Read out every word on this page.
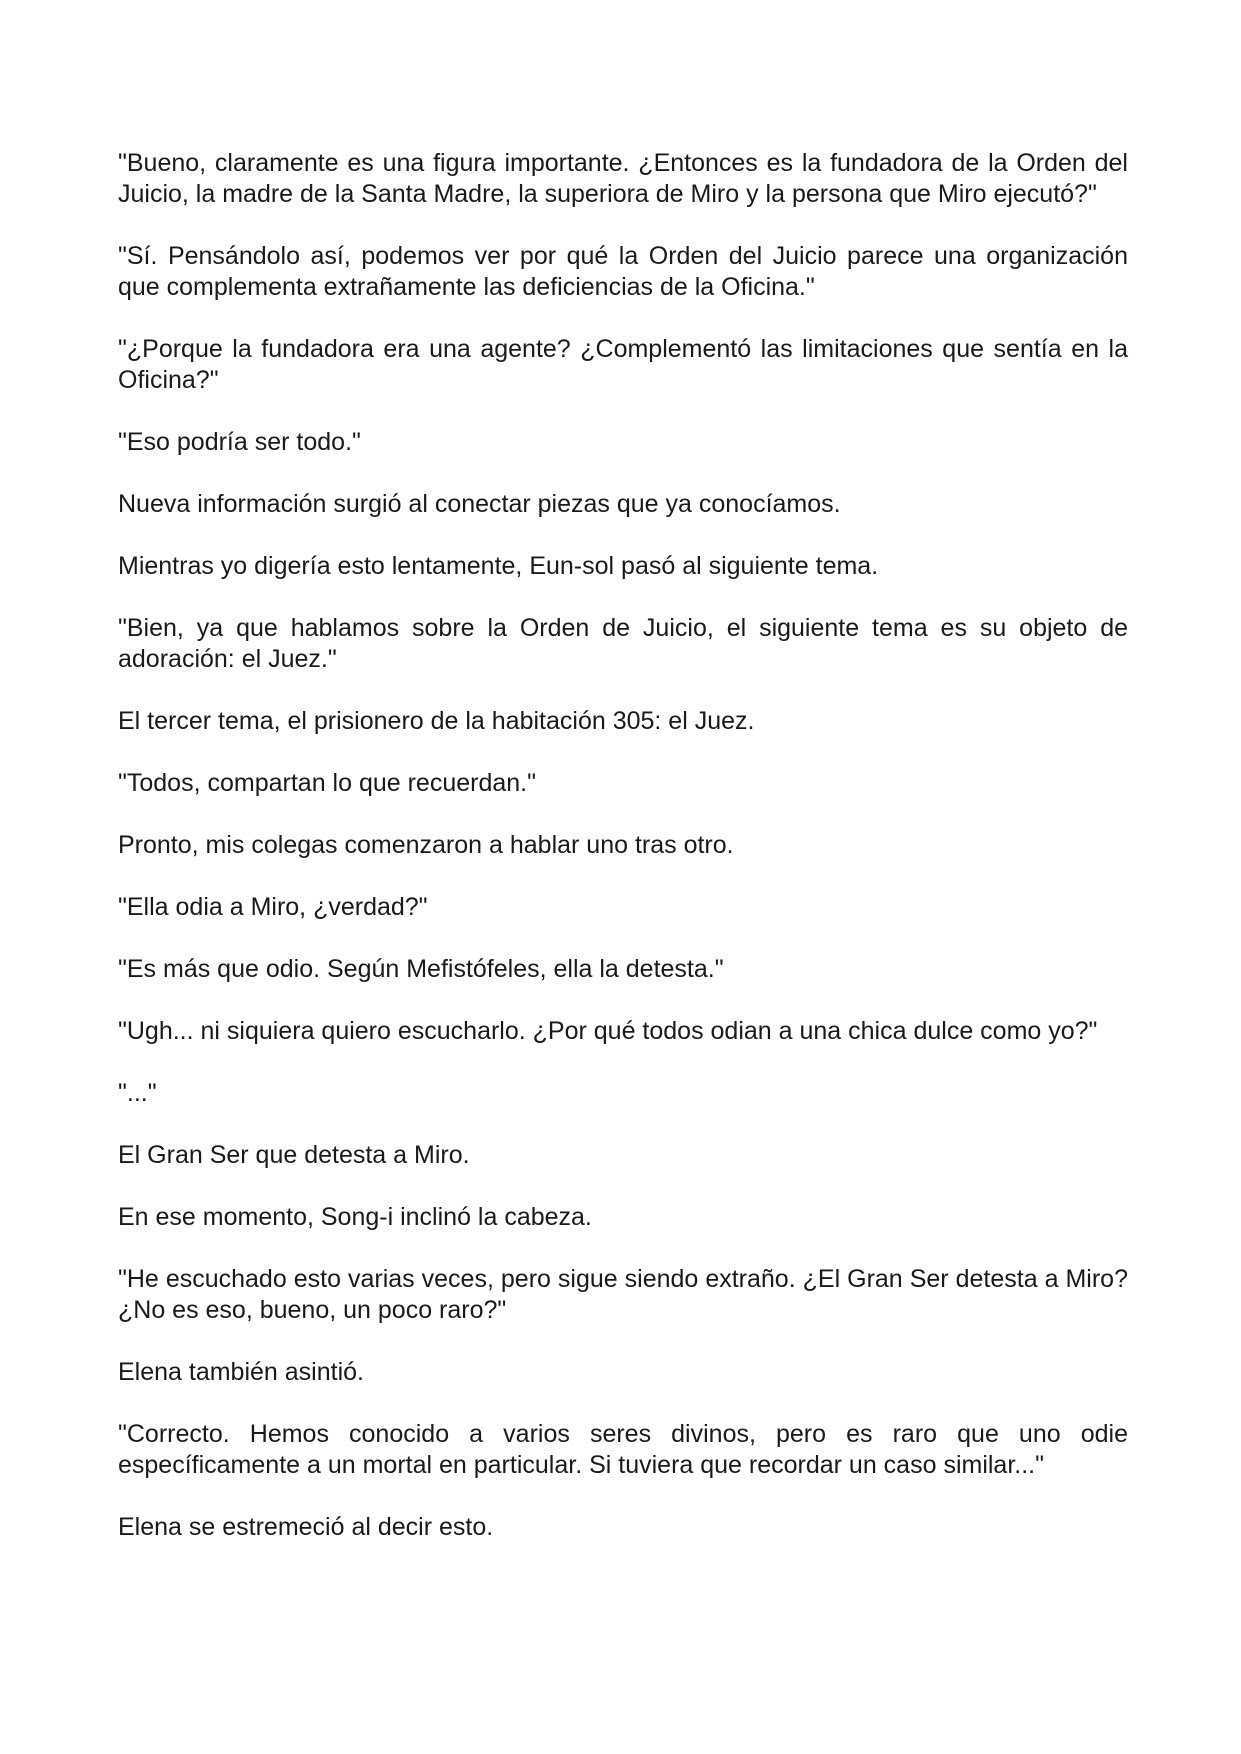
"Bueno, claramente es una figura importante. ¿Entonces es la fundadora de la Orden del Juicio, la madre de la Santa Madre, la superiora de Miro y la persona que Miro ejecutó?"

"Sí. Pensándolo así, podemos ver por qué la Orden del Juicio parece una organización que complementa extrañamente las deficiencias de la Oficina."

"¿Porque la fundadora era una agente? ¿Complementó las limitaciones que sentía en la Oficina?"

"Eso podría ser todo."

Nueva información surgió al conectar piezas que ya conocíamos.

Mientras yo digería esto lentamente, Eun-sol pasó al siguiente tema.

"Bien, ya que hablamos sobre la Orden de Juicio, el siguiente tema es su objeto de adoración: el Juez."

El tercer tema, el prisionero de la habitación 305: el Juez.

"Todos, compartan lo que recuerdan."

Pronto, mis colegas comenzaron a hablar uno tras otro.

"Ella odia a Miro, ¿verdad?"

"Es más que odio. Según Mefistófeles, ella la detesta."

"Ugh... ni siquiera quiero escucharlo. ¿Por qué todos odian a una chica dulce como yo?"

"..."

El Gran Ser que detesta a Miro.

En ese momento, Song-i inclinó la cabeza.

"He escuchado esto varias veces, pero sigue siendo extraño. ¿El Gran Ser detesta a Miro? ¿No es eso, bueno, un poco raro?"

Elena también asintió.

"Correcto. Hemos conocido a varios seres divinos, pero es raro que uno odie específicamente a un mortal en particular. Si tuviera que recordar un caso similar..."

Elena se estremeció al decir esto.
